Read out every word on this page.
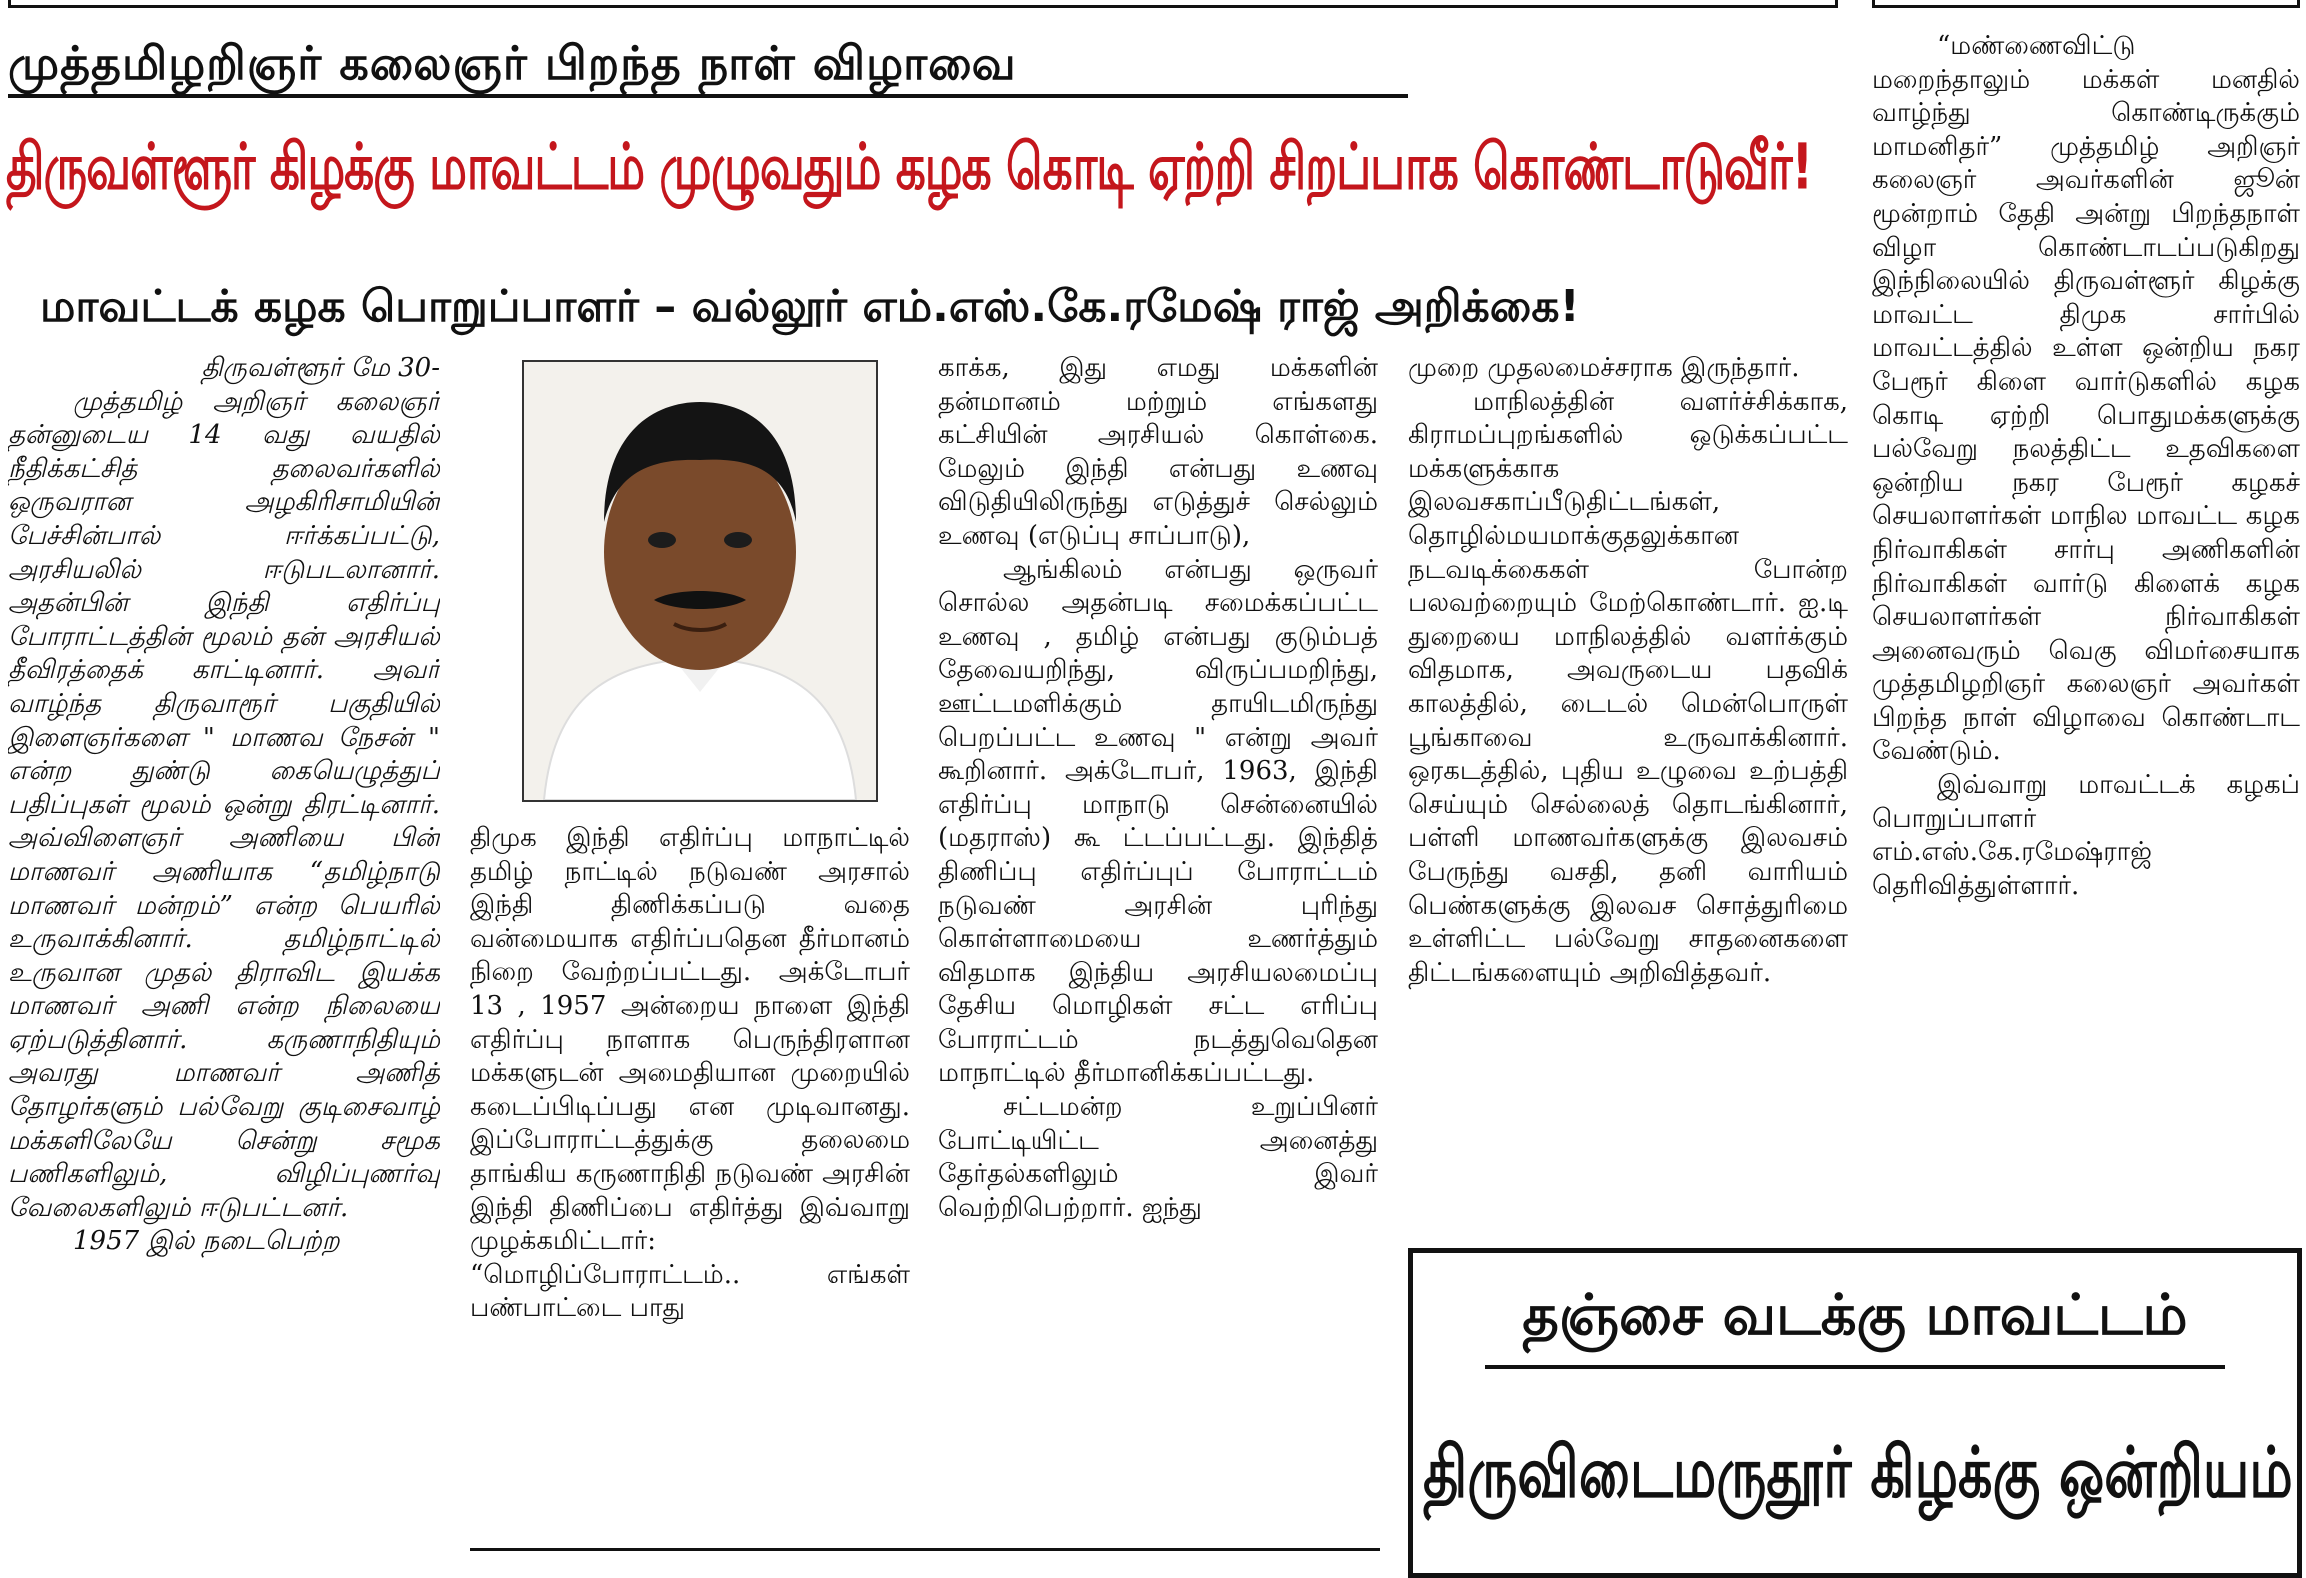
முத்தமிழறிஞர் கலைஞர் பிறந்த நாள் விழாவை
திருவள்ளூர் கிழக்கு மாவட்டம் முழுவதும் கழக கொடி ஏற்றி சிறப்பாக கொண்டாடுவீர்!
மாவட்டக் கழக பொறுப்பாளர் – வல்லூர் எம்.எஸ்.கே.ரமேஷ் ராஜ் அறிக்கை!

திருவள்ளூர் மே 30-

முத்தமிழ் அறிஞர் கலைஞர் தன்னுடைய 14 வது வயதில் நீதிக்கட்சித் தலைவர்களில் ஒருவரான அழகிரிசாமியின் பேச்சின்பால் ஈர்க்கப்பட்டு, அரசியலில் ஈடுபடலானார். அதன்பின் இந்தி எதிர்ப்பு போராட்டத்தின் மூலம் தன் அரசியல் தீவிரத்தைக் காட்டினார். அவர் வாழ்ந்த திருவாரூர் பகுதியில் இளைஞர்களை " மாணவ நேசன் " என்ற துண்டு கையெழுத்துப் பதிப்புகள் மூலம் ஒன்று திரட்டினார். அவ்விளைஞர் அணியை பின் மாணவர் அணியாக “தமிழ்நாடு மாணவர் மன்றம்” என்ற பெயரில் உருவாக்கினார். தமிழ்நாட்டில் உருவான முதல் திராவிட இயக்க மாணவர் அணி என்ற நிலையை ஏற்படுத்தினார். கருணாநிதியும் அவரது மாணவர் அணித் தோழர்களும் பல்வேறு குடிசைவாழ் மக்களிலேயே சென்று சமூக பணிகளிலும், விழிப்புணர்வு வேலைகளிலும் ஈடுபட்டனர்.

1957 இல் நடைபெற்ற

திமுக இந்தி எதிர்ப்பு மாநாட்டில் தமிழ் நாட்டில் நடுவண் அரசால் இந்தி திணிக்கப்படு வதை வன்மையாக எதிர்ப்பதென தீர்மானம் நிறை வேற்றப்பட்டது. அக்டோபர் 13 , 1957 அன்றைய நாளை இந்தி எதிர்ப்பு நாளாக பெருந்திரளான மக்களுடன் அமைதியான முறையில் கடைப்பிடிப்பது என முடிவானது. இப்போராட்டத்துக்கு தலைமை தாங்கிய கருணாநிதி நடுவண் அரசின் இந்தி திணிப்பை எதிர்த்து இவ்வாறு முழக்கமிட்டார்: “மொழிப்போராட்டம்.. எங்கள் பண்பாட்டை பாது

காக்க, இது எமது மக்களின் தன்மானம் மற்றும் எங்களது கட்சியின் அரசியல் கொள்கை. மேலும் இந்தி என்பது உணவு விடுதியிலிருந்து எடுத்துச் செல்லும் உணவு (எடுப்பு சாப்பாடு),

ஆங்கிலம் என்பது ஒருவர் சொல்ல அதன்படி சமைக்கப்பட்ட உணவு , தமிழ் என்பது குடும்பத் தேவையறிந்து, விருப்பமறிந்து, ஊட்டமளிக்கும் தாயிடமிருந்து பெறப்பட்ட உணவு " என்று அவர் கூறினார். அக்டோபர், 1963, இந்தி எதிர்ப்பு மாநாடு சென்னையில் (மதராஸ்) கூ ட்டப்பட்டது. இந்தித் திணிப்பு எதிர்ப்புப் போராட்டம் நடுவண் அரசின் புரிந்து கொள்ளாமையை உணர்த்தும் விதமாக இந்திய அரசியலமைப்பு தேசிய மொழிகள் சட்ட எரிப்பு போராட்டம் நடத்துவெதென மாநாட்டில் தீர்மானிக்கப்பட்டது.

சட்டமன்ற உறுப்பினர் போட்டியிட்ட அனைத்து தேர்தல்களிலும் இவர் வெற்றிபெற்றார். ஐந்து

முறை முதலமைச்சராக இருந்தார்.

மாநிலத்தின் வளர்ச்சிக்காக, கிராமப்புறங்களில் ஒடுக்கப்பட்ட மக்களுக்காக இலவசகாப்பீடுதிட்டங்கள், தொழில்மயமாக்குதலுக்கான நடவடிக்கைகள் போன்ற பலவற்றையும் மேற்கொண்டார். ஐ.டி துறையை மாநிலத்தில் வளர்க்கும் விதமாக, அவருடைய பதவிக் காலத்தில், டைடல் மென்பொருள் பூங்காவை உருவாக்கினார். ஒரகடத்தில், புதிய உழுவை உற்பத்தி செய்யும் செல்லைத் தொடங்கினார், பள்ளி மாணவர்களுக்கு இலவசம் பேருந்து வசதி, தனி வாரியம் பெண்களுக்கு இலவச சொத்துரிமை உள்ளிட்ட பல்வேறு சாதனைகளை திட்டங்களையும் அறிவித்தவர்.

“மண்ணைவிட்டு மறைந்தாலும் மக்கள் மனதில் வாழ்ந்து கொண்டிருக்கும் மாமனிதர்” முத்தமிழ் அறிஞர் கலைஞர் அவர்களின் ஜூன் மூன்றாம் தேதி அன்று பிறந்தநாள் விழா கொண்டாடப்படுகிறது இந்நிலையில் திருவள்ளூர் கிழக்கு மாவட்ட திமுக சார்பில் மாவட்டத்தில் உள்ள ஒன்றிய நகர பேரூர் கிளை வார்டுகளில் கழக கொடி ஏற்றி பொதுமக்களுக்கு பல்வேறு நலத்திட்ட உதவிகளை ஒன்றிய நகர பேரூர் கழகச் செயலாளர்கள் மாநில மாவட்ட கழக நிர்வாகிகள் சார்பு அணிகளின் நிர்வாகிகள் வார்டு கிளைக் கழக செயலாளர்கள் நிர்வாகிகள் அனைவரும் வெகு விமர்சையாக முத்தமிழறிஞர் கலைஞர் அவர்கள் பிறந்த நாள் விழாவை கொண்டாட வேண்டும்.

இவ்வாறு மாவட்டக் கழகப் பொறுப்பாளர் எம்.எஸ்.கே.ரமேஷ்ராஜ் தெரிவித்துள்ளார்.

தஞ்சை வடக்கு மாவட்டம்
திருவிடைமருதூர் கிழக்கு ஒன்றியம்
